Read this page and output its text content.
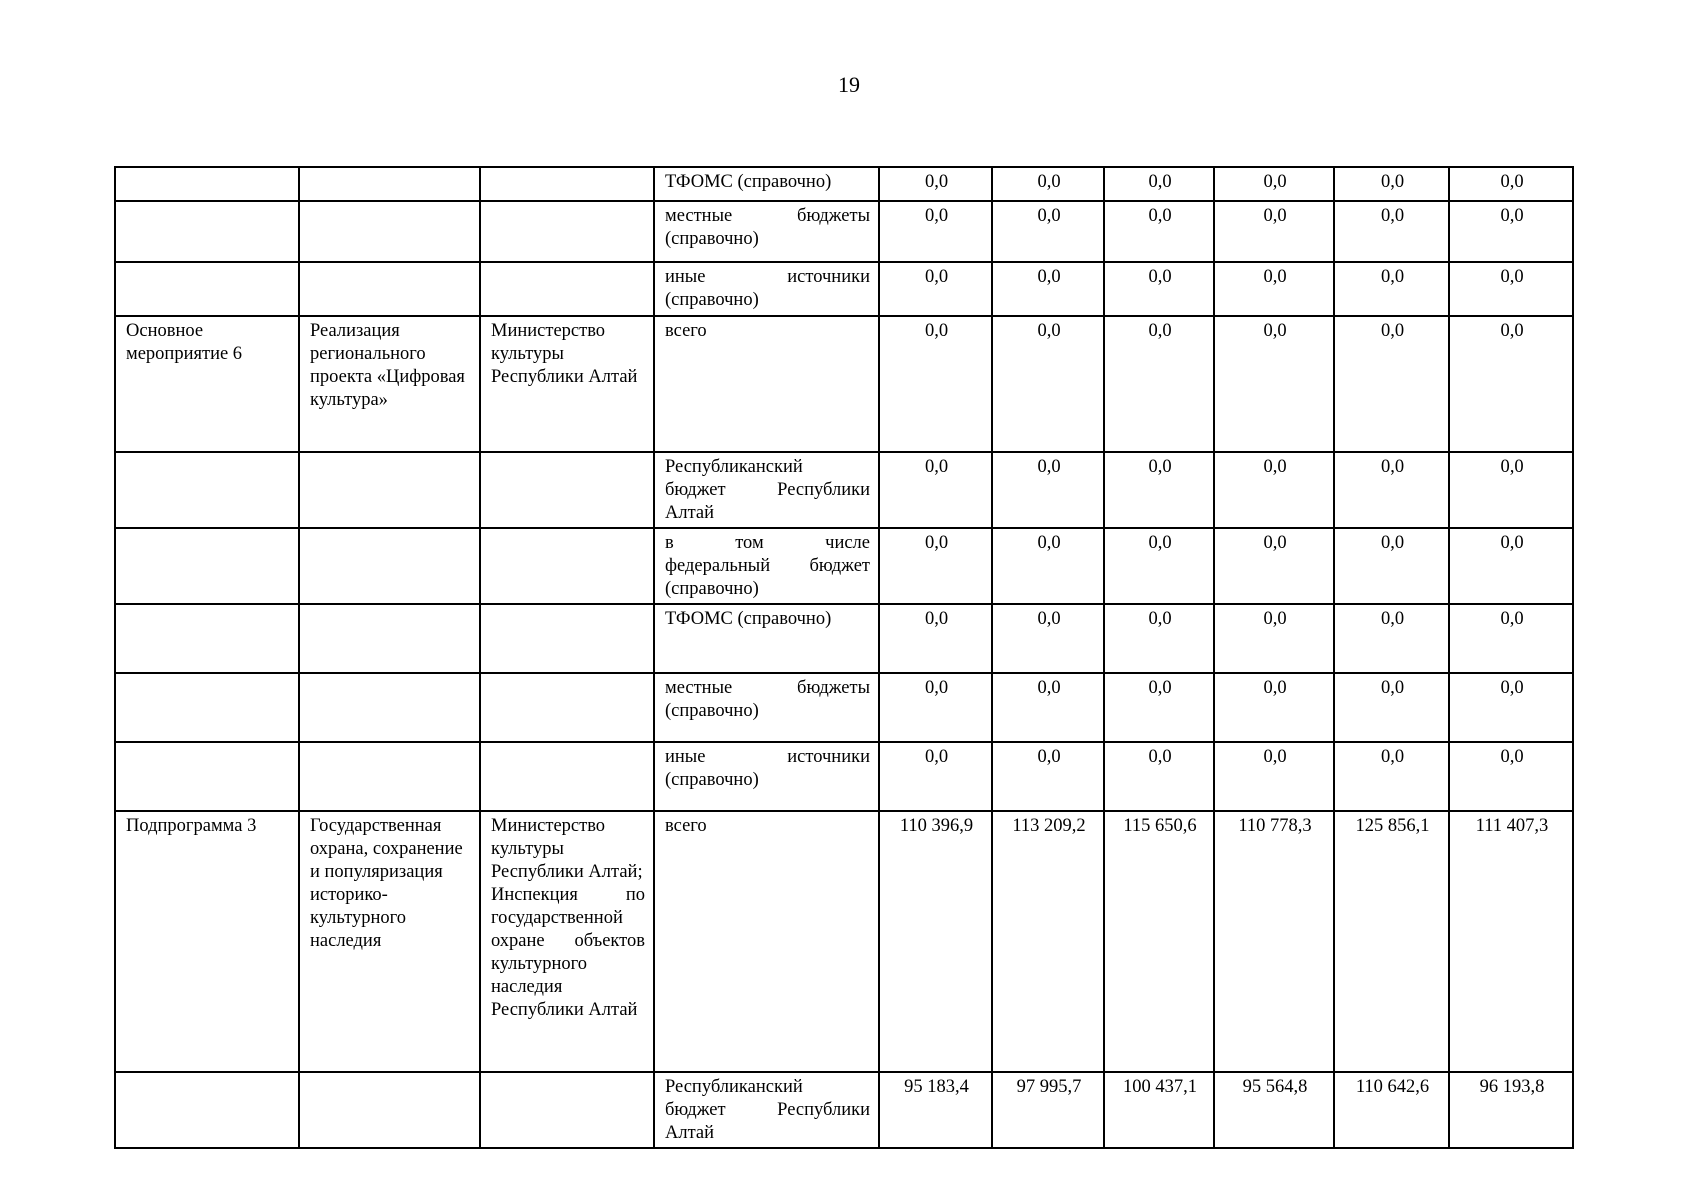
19

			ТФОМС (справочно)	0,0	0,0	0,0	0,0	0,0	0,0

			местные бюджеты
(справочно)	0,0	0,0	0,0	0,0	0,0	0,0

			иные источники
(справочно)	0,0	0,0	0,0	0,0	0,0	0,0
Основное мероприятие 6	Реализация регионального проекта «Цифровая культура»	Министерство культуры Республики Алтай	всего	0,0	0,0	0,0	0,0	0,0	0,0

			Республиканский
бюджет Республики
Алтай	0,0	0,0	0,0	0,0	0,0	0,0

			в том числе
федеральный бюджет
(справочно)	0,0	0,0	0,0	0,0	0,0	0,0

			ТФОМС (справочно)	0,0	0,0	0,0	0,0	0,0	0,0

			местные бюджеты
(справочно)	0,0	0,0	0,0	0,0	0,0	0,0

			иные источники
(справочно)	0,0	0,0	0,0	0,0	0,0	0,0
Подпрограмма 3	Государственная охрана, сохранение и популяризация историко-культурного наследия	Министерство культуры Республики Алтай;
Инспекция по государственной охране объектов культурного наследия Республики Алтай	всего	110 396,9	113 209,2	115 650,6	110 778,3	125 856,1	111 407,3

			Республиканский
бюджет Республики
Алтай	95 183,4	97 995,7	100 437,1	95 564,8	110 642,6	96 193,8
